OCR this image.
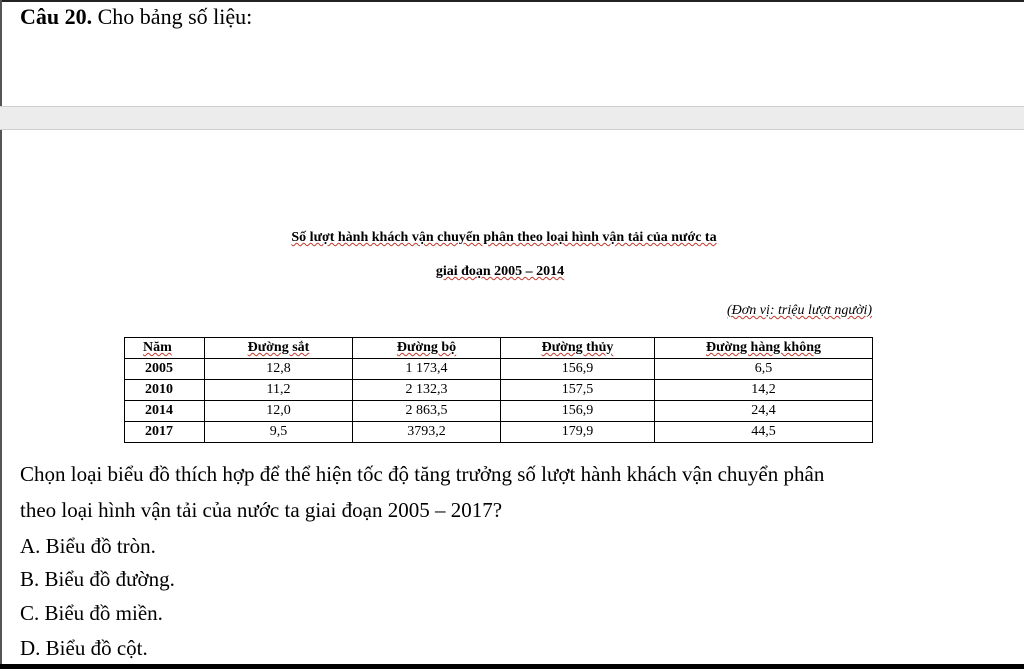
Câu 20. Cho bảng số liệu:
Số lượt hành khách vận chuyển phân theo loại hình vận tải của nước ta
giai đoạn 2005 – 2014
(Đơn vị: triệu lượt người)
Năm	Đường sắt	Đường bộ	Đường thủy	Đường hàng không
2005	12,8	1 173,4	156,9	6,5
2010	11,2	2 132,3	157,5	14,2
2014	12,0	2 863,5	156,9	24,4
2017	9,5	3793,2	179,9	44,5
Chọn loại biểu đồ thích hợp để thể hiện tốc độ tăng trưởng số lượt hành khách vận chuyển phân
theo loại hình vận tải của nước ta giai đoạn 2005 – 2017?
A. Biểu đồ tròn.
B. Biểu đồ đường.
C. Biểu đồ miền.
D. Biểu đồ cột.
